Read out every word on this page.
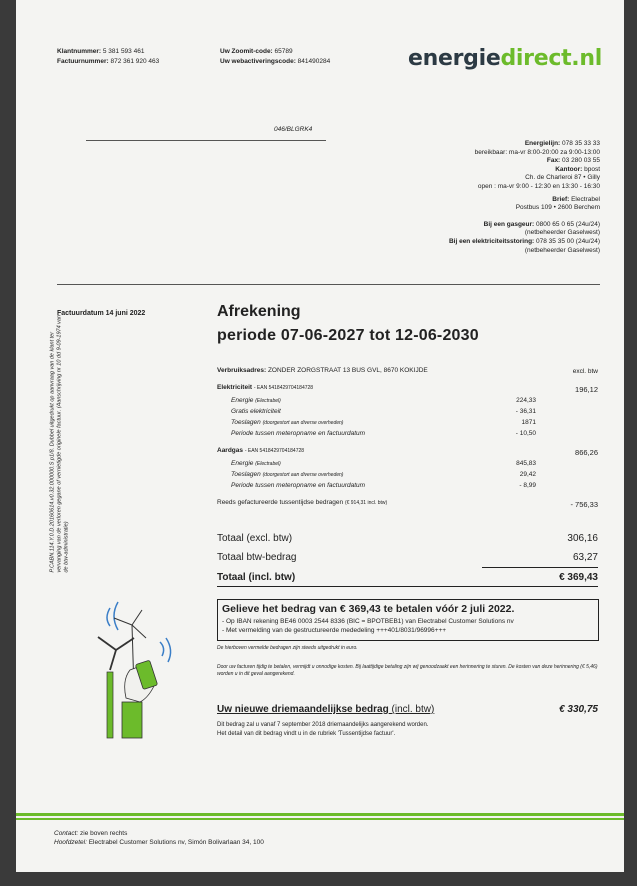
Klantnummer: 5 381 593 461
Factuurnummer: 872 361 920 463
Uw Zoomit-code: 65789
Uw webactiveringscode: 841490284	energiedirect.nl
046/BLGRK4
Energielijn: 078 35 33 33
bereikbaar: ma-vr 8:00-20:00 za 9:00-13:00
Fax: 03 280 03 55
Kantoor: bpost
Ch. de Charleroi 87 • Gilly
open : ma-vr 9:00 - 12:30 en 13:30 - 16:30
Brief: Electrabel
Postbus 109 • 2600 Berchem
Bij een gasgeur: 0800 65 0 65 (24u/24)
(netbeheerder Gaselwest)
Bij een elektriciteitsstoring: 078 35 35 00 (24u/24)
(netbeheerder Gaselwest)
P.CABN.114.Y.0.D.20160614.v0.32.000000.S p1/8. Dubbel uitgedrukt op aanvraag van de klant ter vervanging van de verloren gegane of vernietigde originele factuur. (Aanschrijving nr 10 dd 9-09-1974 van de btw-administratie)
Factuurdatum 14 juni 2022	Afrekening
periode 07-06-2027 tot 12-06-2030
Verbruiksadres: ZONDER ZORGSTRAAT 13 BUS GVL, 8670 KOKIJDE	excl. btw
Elektriciteit - EAN 541842970418472​8	196,12
Energie (Electrabel)	224,33
Gratis elektriciteit	- 36,31
Toeslagen (doorgestort aan diverse overheden)	1871
Periode tussen meteropname en factuurdatum	- 10,50
Aardgas - EAN 5418429704184728	866,26
Energie (Electrabel)	845,83
Toeslagen (doorgestort aan diverse overheden)	29,42
Periode tussen meteropname en factuurdatum	- 8,99
Reeds gefactureerde tussentijdse bedragen (€ 914,31 incl. btw)	- 756,33
Totaal (excl. btw)	306,16
Totaal btw-bedrag	63,27
Totaal (incl. btw)	€ 369,43
Gelieve het bedrag van € 369,43 te betalen vóór 2 juli 2022.
- Op IBAN rekening BE46 0003 2544 8336 (BIC = BPOTBEB1) van Electrabel Customer Solutions nv
- Met vermelding van de gestructureerde mededeling +++401/8031/96996+++
De hierboven vermelde bedragen zijn steeds uitgedrukt in euro.
Door uw facturen tijdig te betalen, vermijdt u onnodige kosten. Bij laattijdige betaling zijn wij genoodzaakt een herinnering te sturen. De kosten van deze herinnering (€ 5,46) worden u in dit geval aangerekend.
Uw nieuwe driemaandelijkse bedrag (incl. btw)	€ 330,75
Dit bedrag zal u vanaf 7 september 2018 driemaandelijks aangerekend worden.
Het detail van dit bedrag vindt u in de rubriek 'Tussentijdse factuur'.
Contact: zie boven rechts
Hoofdzetel: Electrabel Customer Solutions nv, Simón Bolivarlaan 34, 100
